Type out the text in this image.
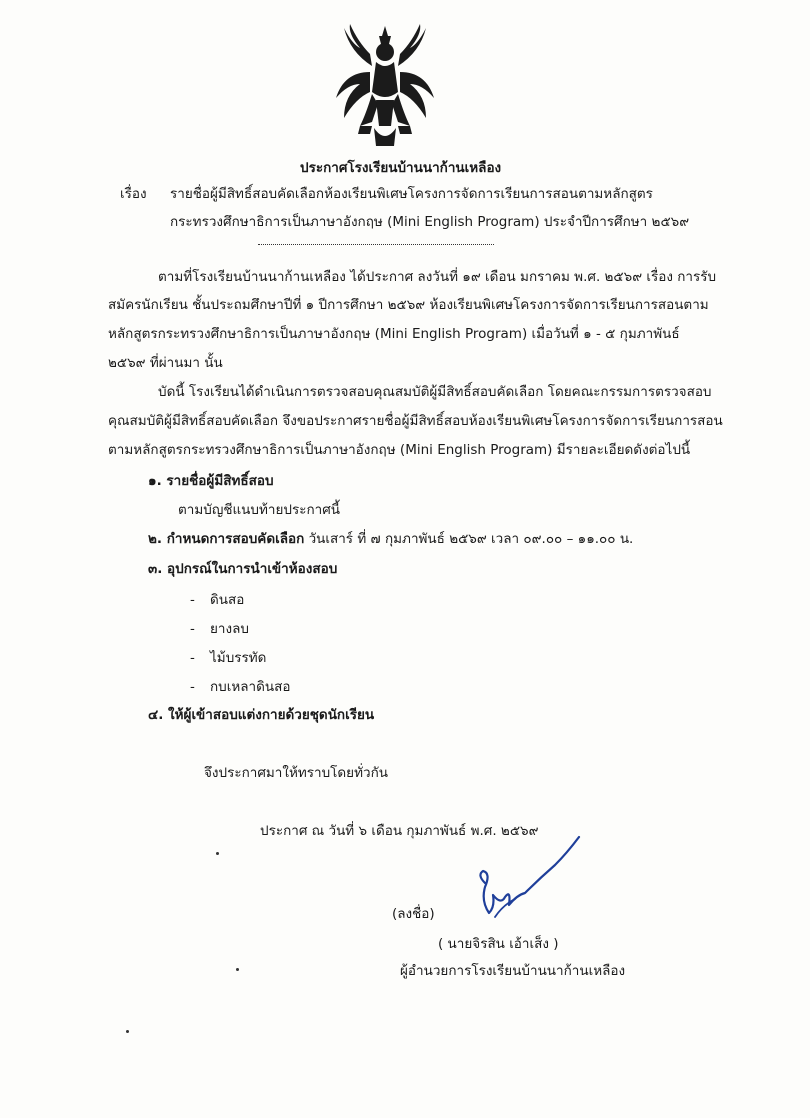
ประกาศโรงเรียนบ้านนาก้านเหลือง
เรื่อง รายชื่อผู้มีสิทธิ์สอบคัดเลือกห้องเรียนพิเศษโครงการจัดการเรียนการสอนตามหลักสูตร
กระทรวงศึกษาธิการเป็นภาษาอังกฤษ (Mini English Program) ประจำปีการศึกษา ๒๕๖๙
ตามที่โรงเรียนบ้านนาก้านเหลือง ได้ประกาศ ลงวันที่ ๑๙ เดือน มกราคม พ.ศ. ๒๕๖๙ เรื่อง การรับ
สมัครนักเรียน ชั้นประถมศึกษาปีที่ ๑ ปีการศึกษา ๒๕๖๙ ห้องเรียนพิเศษโครงการจัดการเรียนการสอนตาม
หลักสูตรกระทรวงศึกษาธิการเป็นภาษาอังกฤษ (Mini English Program) เมื่อวันที่ ๑ - ๕ กุมภาพันธ์
๒๕๖๙ ที่ผ่านมา นั้น
บัดนี้ โรงเรียนได้ดำเนินการตรวจสอบคุณสมบัติผู้มีสิทธิ์สอบคัดเลือก โดยคณะกรรมการตรวจสอบ
คุณสมบัติผู้มีสิทธิ์สอบคัดเลือก จึงขอประกาศรายชื่อผู้มีสิทธิ์สอบห้องเรียนพิเศษโครงการจัดการเรียนการสอน
ตามหลักสูตรกระทรวงศึกษาธิการเป็นภาษาอังกฤษ (Mini English Program) มีรายละเอียดดังต่อไปนี้
๑. รายชื่อผู้มีสิทธิ์สอบ
ตามบัญชีแนบท้ายประกาศนี้
๒. กำหนดการสอบคัดเลือก วันเสาร์ ที่ ๗ กุมภาพันธ์ ๒๕๖๙ เวลา ๐๙.๐๐ – ๑๑.๐๐ น.
๓. อุปกรณ์ในการนำเข้าห้องสอบ
- ดินสอ
- ยางลบ
- ไม้บรรทัด
- กบเหลาดินสอ
๔. ให้ผู้เข้าสอบแต่งกายด้วยชุดนักเรียน
จึงประกาศมาให้ทราบโดยทั่วกัน
ประกาศ ณ วันที่ ๖ เดือน กุมภาพันธ์ พ.ศ. ๒๕๖๙
(ลงชื่อ)
( นายจิรสิน เอ้าเส็ง )
ผู้อำนวยการโรงเรียนบ้านนาก้านเหลือง
